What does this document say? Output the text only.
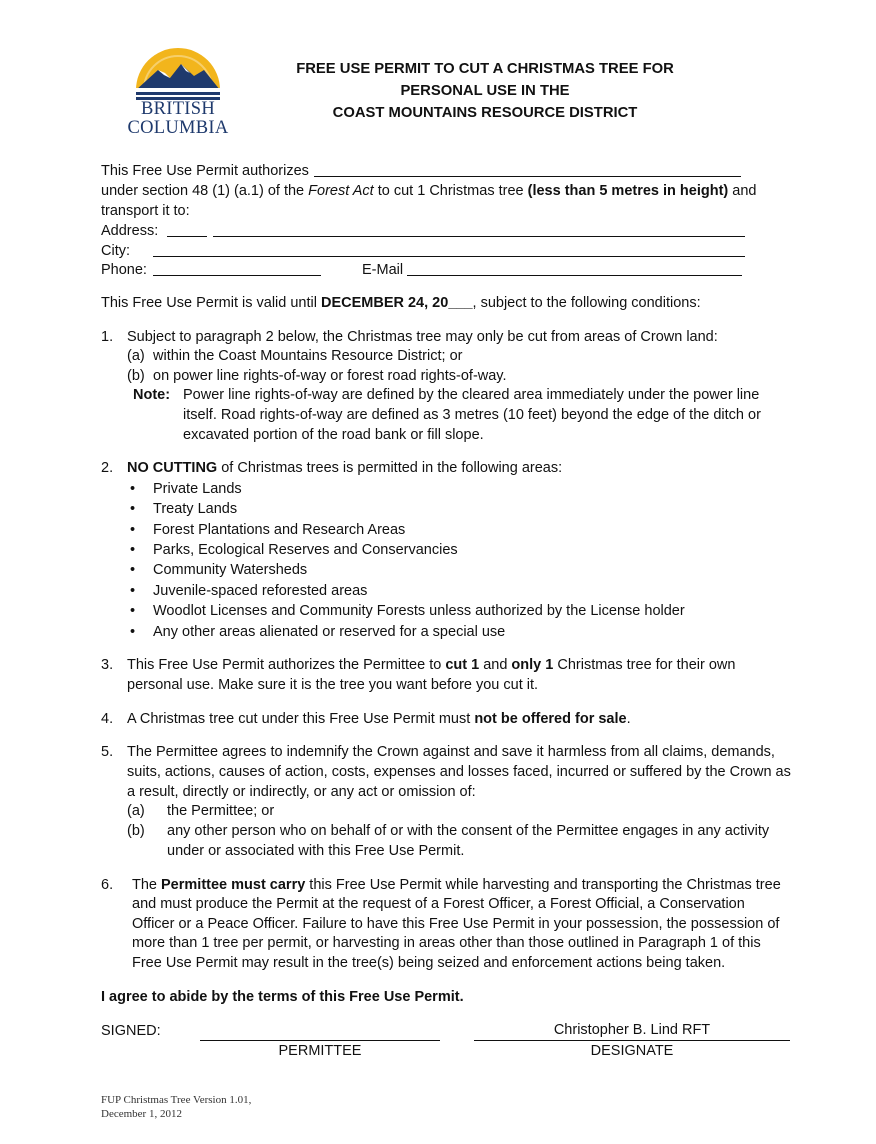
BRITISH
COLUMBIA
FREE USE PERMIT TO CUT A CHRISTMAS TREE FOR
PERSONAL USE IN THE
COAST MOUNTAINS RESOURCE DISTRICT
This Free Use Permit authorizes
under section 48 (1) (a.1) of the Forest Act to cut 1 Christmas tree (less than 5 metres in height) and
transport it to:
Address:
City:
Phone:	E-Mail
This Free Use Permit is valid until DECEMBER 24, 20___, subject to the following conditions:
1. Subject to paragraph 2 below, the Christmas tree may only be cut from areas of Crown land:
(a) within the Coast Mountains Resource District; or
(b) on power line rights-of-way or forest road rights-of-way.
Note: Power line rights-of-way are defined by the cleared area immediately under the power line
itself. Road rights-of-way are defined as 3 metres (10 feet) beyond the edge of the ditch or
excavated portion of the road bank or fill slope.
2. NO CUTTING of Christmas trees is permitted in the following areas:
• Private Lands
• Treaty Lands
• Forest Plantations and Research Areas
• Parks, Ecological Reserves and Conservancies
• Community Watersheds
• Juvenile-spaced reforested areas
• Woodlot Licenses and Community Forests unless authorized by the License holder
• Any other areas alienated or reserved for a special use
3. This Free Use Permit authorizes the Permittee to cut 1 and only 1 Christmas tree for their own
personal use. Make sure it is the tree you want before you cut it.
4. A Christmas tree cut under this Free Use Permit must not be offered for sale.
5. The Permittee agrees to indemnify the Crown against and save it harmless from all claims, demands,
suits, actions, causes of action, costs, expenses and losses faced, incurred or suffered by the Crown as
a result, directly or indirectly, or any act or omission of:
(a) the Permittee; or
(b) any other person who on behalf of or with the consent of the Permittee engages in any activity
under or associated with this Free Use Permit.
6.	The Permittee must carry this Free Use Permit while harvesting and transporting the Christmas tree
and must produce the Permit at the request of a Forest Officer, a Forest Official, a Conservation
Officer or a Peace Officer. Failure to have this Free Use Permit in your possession, the possession of
more than 1 tree per permit, or harvesting in areas other than those outlined in Paragraph 1 of this
Free Use Permit may result in the tree(s) being seized and enforcement actions being taken.
I agree to abide by the terms of this Free Use Permit.
SIGNED:
PERMITTEE
Christopher B. Lind RFT
DESIGNATE
FUP Christmas Tree Version 1.01,
December 1, 2012
